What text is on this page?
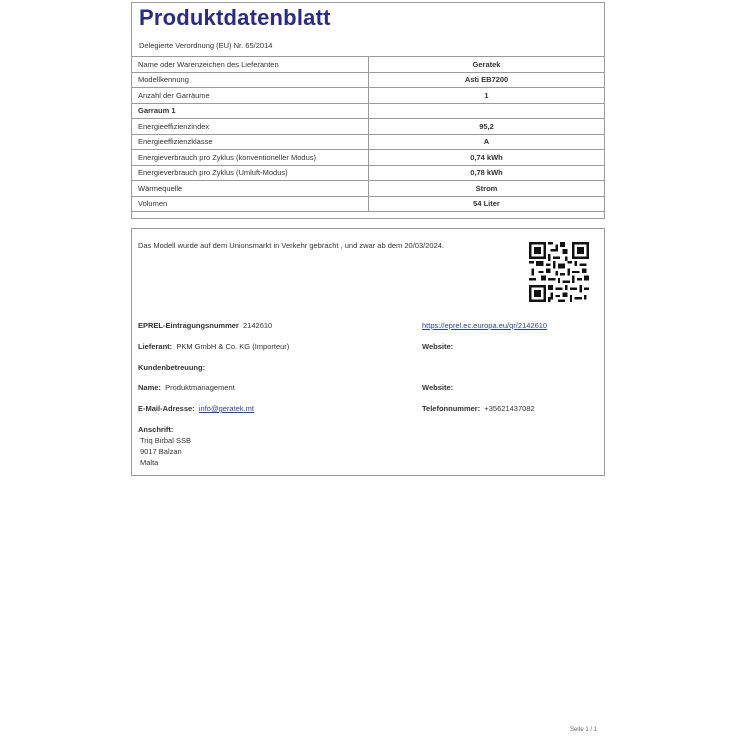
Produktdatenblatt
Delegierte Verordnung (EU) Nr. 65/2014
Name oder Warenzeichen des Lieferanten	Geratek
Modellkennung	Asti EB7200
Anzahl der Garräume	1
Garraum 1	
Energieeffizienzindex	95,2
Energieeffizienzklasse	A
Energieverbrauch pro Zyklus (konventioneller Modus)	0,74 kWh
Energieverbrauch pro Zyklus (Umluft-Modus)	0,78 kWh
Wärmequelle	Strom
Volumen	54 Liter
Das Modell wurde auf dem Unionsmarkt in Verkehr gebracht , und zwar ab dem 20/03/2024.
EPREL-Eintragungsnummer 2142610	https://eprel.ec.europa.eu/qr/2142610
Lieferant: PKM GmbH & Co. KG (Importeur)	Website:
Kundenbetreuung:
Name: Produktmanagement	Website:
E-Mail-Adresse: info@geratek.mt	Telefonnummer: +35621437082
Anschrift:
Triq Birbal SSB
9017 Balzan
Malta
Seite 1 / 1
